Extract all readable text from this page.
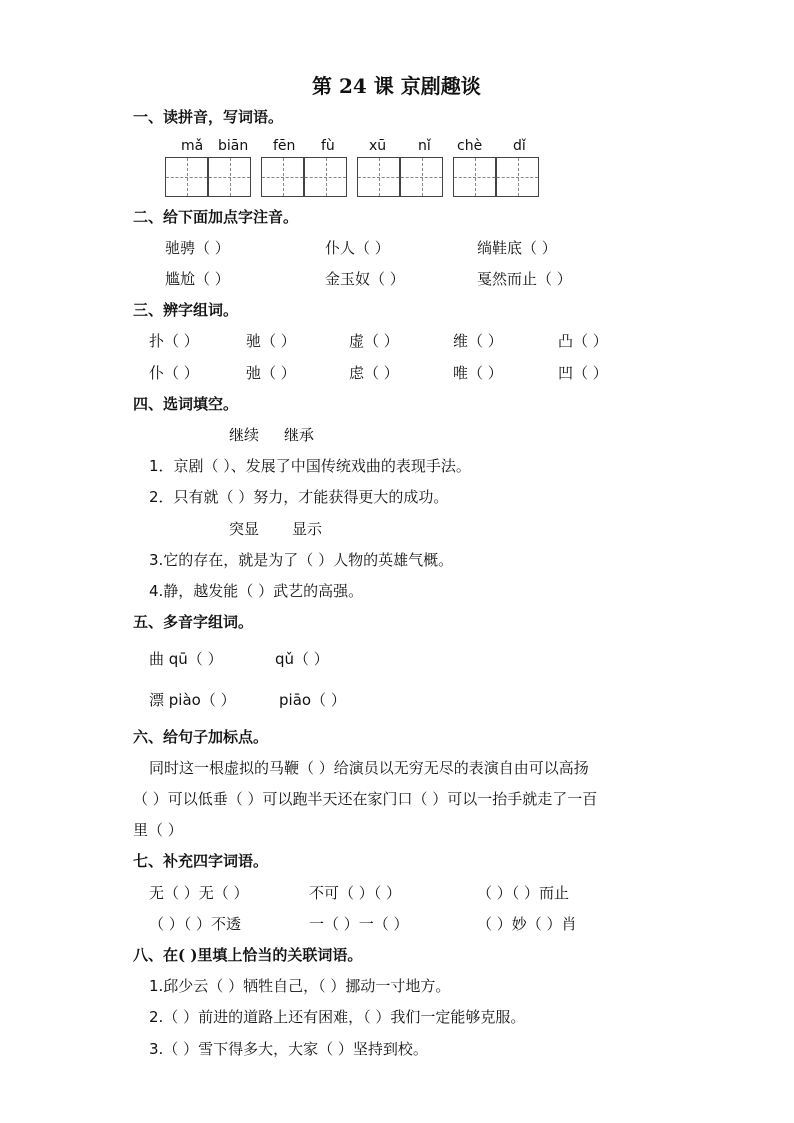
第 24 课 京剧趣谈
一、读拼音，写词语。
mǎ biān fēn fù xū nǐ chè dǐ
二、给下面加点字注音。
驰骋（ ）	仆人（ ）	绱鞋底（ ）
尴尬（ ）	金玉奴（ ）	戛然而止（ ）
三、辨字组词。
扑（ ）	驰（ ）	虚（ ）	维（ ）	凸（ ）
仆（ ）	弛（ ）	虑（ ）	唯（ ）	凹（ ）
四、选词填空。
继续 继承
1．京剧（ ）、发展了中国传统戏曲的表现手法。
2．只有就（ ）努力，才能获得更大的成功。
突显 显示
3.它的存在，就是为了（ ）人物的英雄气概。
4.静，越发能（ ）武艺的高强。
五、多音字组词。
曲 qū（ ）	qǔ（ ）
漂 piào（ ）	piāo（ ）
六、给句子加标点。
同时这一根虚拟的马鞭（ ）给演员以无穷无尽的表演自由可以高扬
（ ）可以低垂（ ）可以跑半天还在家门口（ ）可以一抬手就走了一百
里（ ）
七、补充四字词语。
无（ ）无（ ）	不可（ ）（ ）	（ ）（ ）而止
（ ）（ ）不透	一（ ）一（ ）	（ ）妙（ ）肖
八、在( )里填上恰当的关联词语。
1.邱少云（ ）牺牲自己，（ ）挪动一寸地方。
2.（ ）前进的道路上还有困难，（ ）我们一定能够克服。
3.（ ）雪下得多大，大家（ ）坚持到校。
